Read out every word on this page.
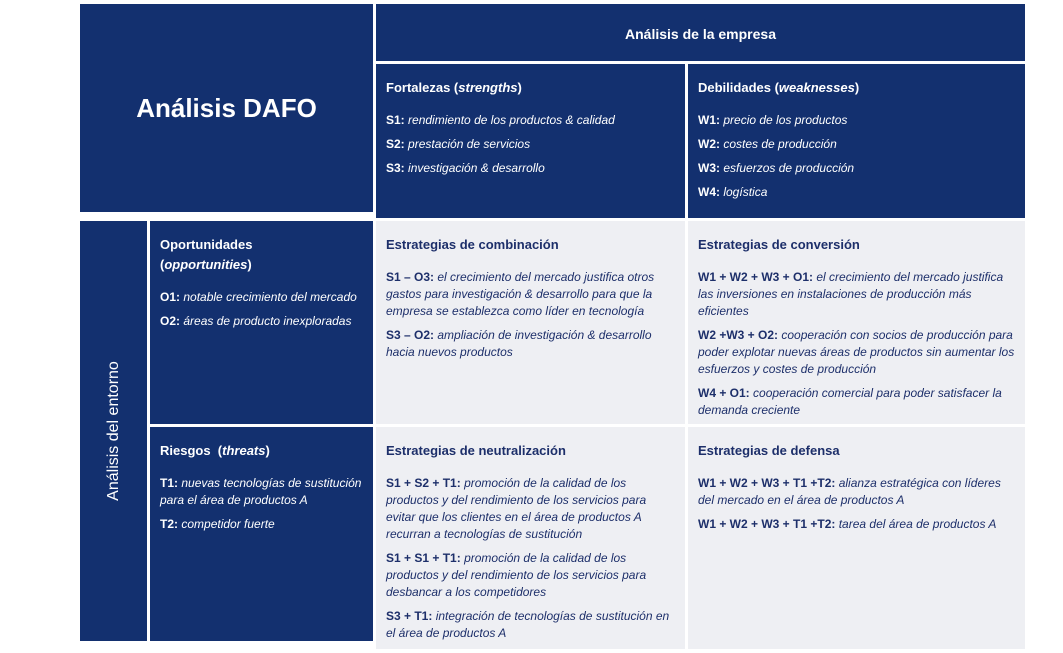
Análisis DAFO
Análisis de la empresa
Fortalezas (strengths)
S1: rendimiento de los productos & calidad
S2: prestación de servicios
S3: investigación & desarrollo
Debilidades (weaknesses)
W1: precio de los productos
W2: costes de producción
W3: esfuerzos de producción
W4: logística
Análisis del entorno
Oportunidades
(opportunities)
O1: notable crecimiento del mercado
O2: áreas de producto inexploradas
Estrategias de combinación
S1 – O3: el crecimiento del mercado justifica otros gastos para investigación & desarrollo para que la empresa se establezca como líder en tecnología
S3 – O2: ampliación de investigación & desarrollo hacia nuevos productos
Estrategias de conversión
W1 + W2 + W3 + O1: el crecimiento del mercado justifica las inversiones en instalaciones de producción más eficientes
W2 +W3 + O2: cooperación con socios de producción para poder explotar nuevas áreas de productos sin aumentar los esfuerzos y costes de producción
W4 + O1: cooperación comercial para poder satisfacer la demanda creciente
Riesgos  (threats)
T1: nuevas tecnologías de sustitución para el área de productos A
T2: competidor fuerte
Estrategias de neutralización
S1 + S2 + T1: promoción de la calidad de los productos y del rendimiento de los servicios para evitar que los clientes en el área de productos A recurran a tecnologías de sustitución
S1 + S1 + T1: promoción de la calidad de los productos y del rendimiento de los servicios para desbancar a los competidores
S3 + T1: integración de tecnologías de sustitución en el área de productos A
Estrategias de defensa
W1 + W2 + W3 + T1 +T2: alianza estratégica con líderes del mercado en el área de productos A
W1 + W2 + W3 + T1 +T2: tarea del área de productos A
